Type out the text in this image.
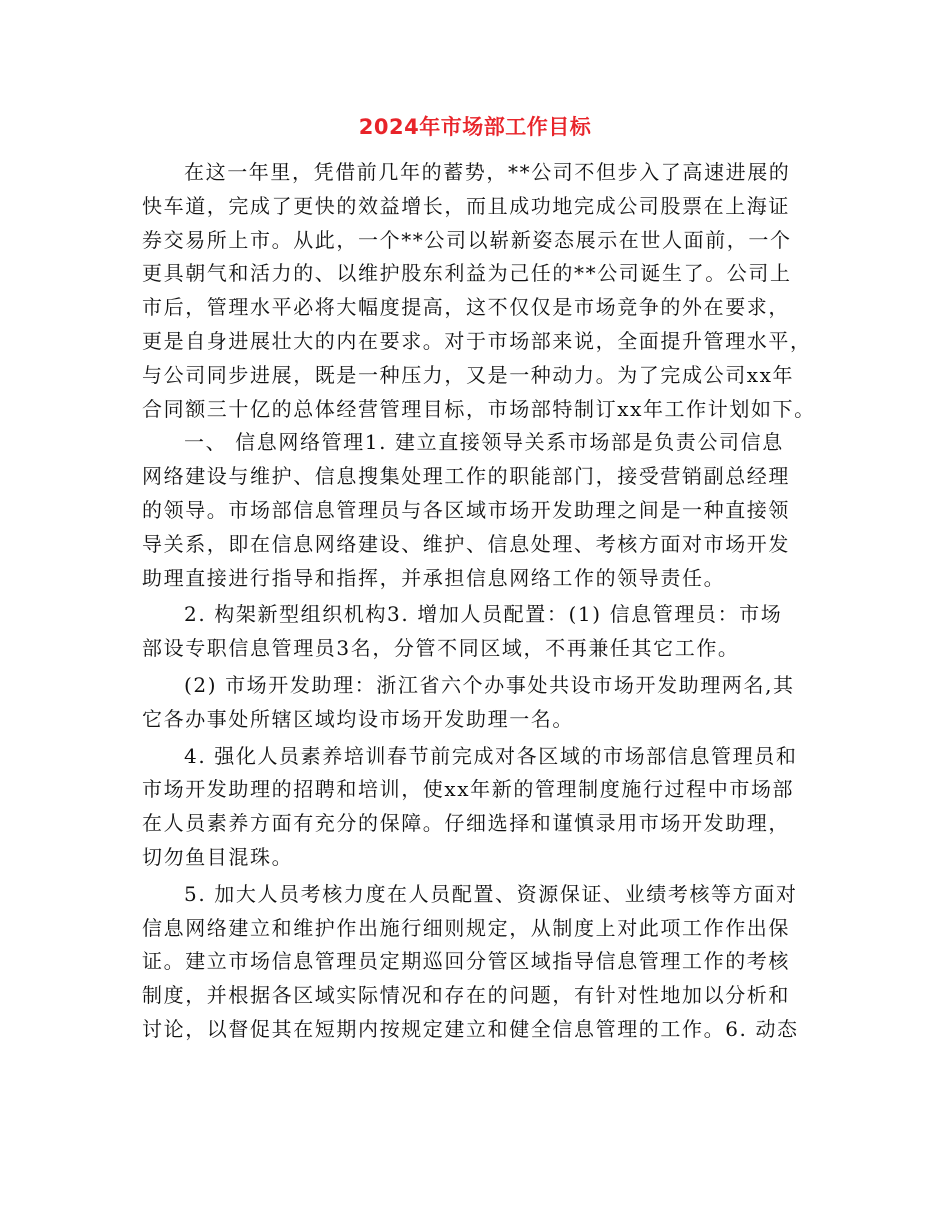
2024年市场部工作目标
在这一年里，凭借前几年的蓄势，**公司不但步入了高速进展的
快车道，完成了更快的效益增长，而且成功地完成公司股票在上海证
券交易所上市。从此，一个**公司以崭新姿态展示在世人面前，一个
更具朝气和活力的、以维护股东利益为己任的**公司诞生了。公司上
市后，管理水平必将大幅度提高，这不仅仅是市场竞争的外在要求，
更是自身进展壮大的内在要求。对于市场部来说，全面提升管理水平，
与公司同步进展，既是一种压力，又是一种动力。为了完成公司xx年
合同额三十亿的总体经营管理目标，市场部特制订xx年工作计划如下。
一、 信息网络管理1. 建立直接领导关系市场部是负责公司信息
网络建设与维护、信息搜集处理工作的职能部门，接受营销副总经理
的领导。市场部信息管理员与各区域市场开发助理之间是一种直接领
导关系，即在信息网络建设、维护、信息处理、考核方面对市场开发
助理直接进行指导和指挥，并承担信息网络工作的领导责任。
2. 构架新型组织机构3. 增加人员配置：(1) 信息管理员：市场
部设专职信息管理员3名，分管不同区域，不再兼任其它工作。
(2) 市场开发助理：浙江省六个办事处共设市场开发助理两名,其
它各办事处所辖区域均设市场开发助理一名。
4. 强化人员素养培训春节前完成对各区域的市场部信息管理员和
市场开发助理的招聘和培训，使xx年新的管理制度施行过程中市场部
在人员素养方面有充分的保障。仔细选择和谨慎录用市场开发助理，
切勿鱼目混珠。
5. 加大人员考核力度在人员配置、资源保证、业绩考核等方面对
信息网络建立和维护作出施行细则规定，从制度上对此项工作作出保
证。建立市场信息管理员定期巡回分管区域指导信息管理工作的考核
制度，并根据各区域实际情况和存在的问题，有针对性地加以分析和
讨论，以督促其在短期内按规定建立和健全信息管理的工作。6. 动态
